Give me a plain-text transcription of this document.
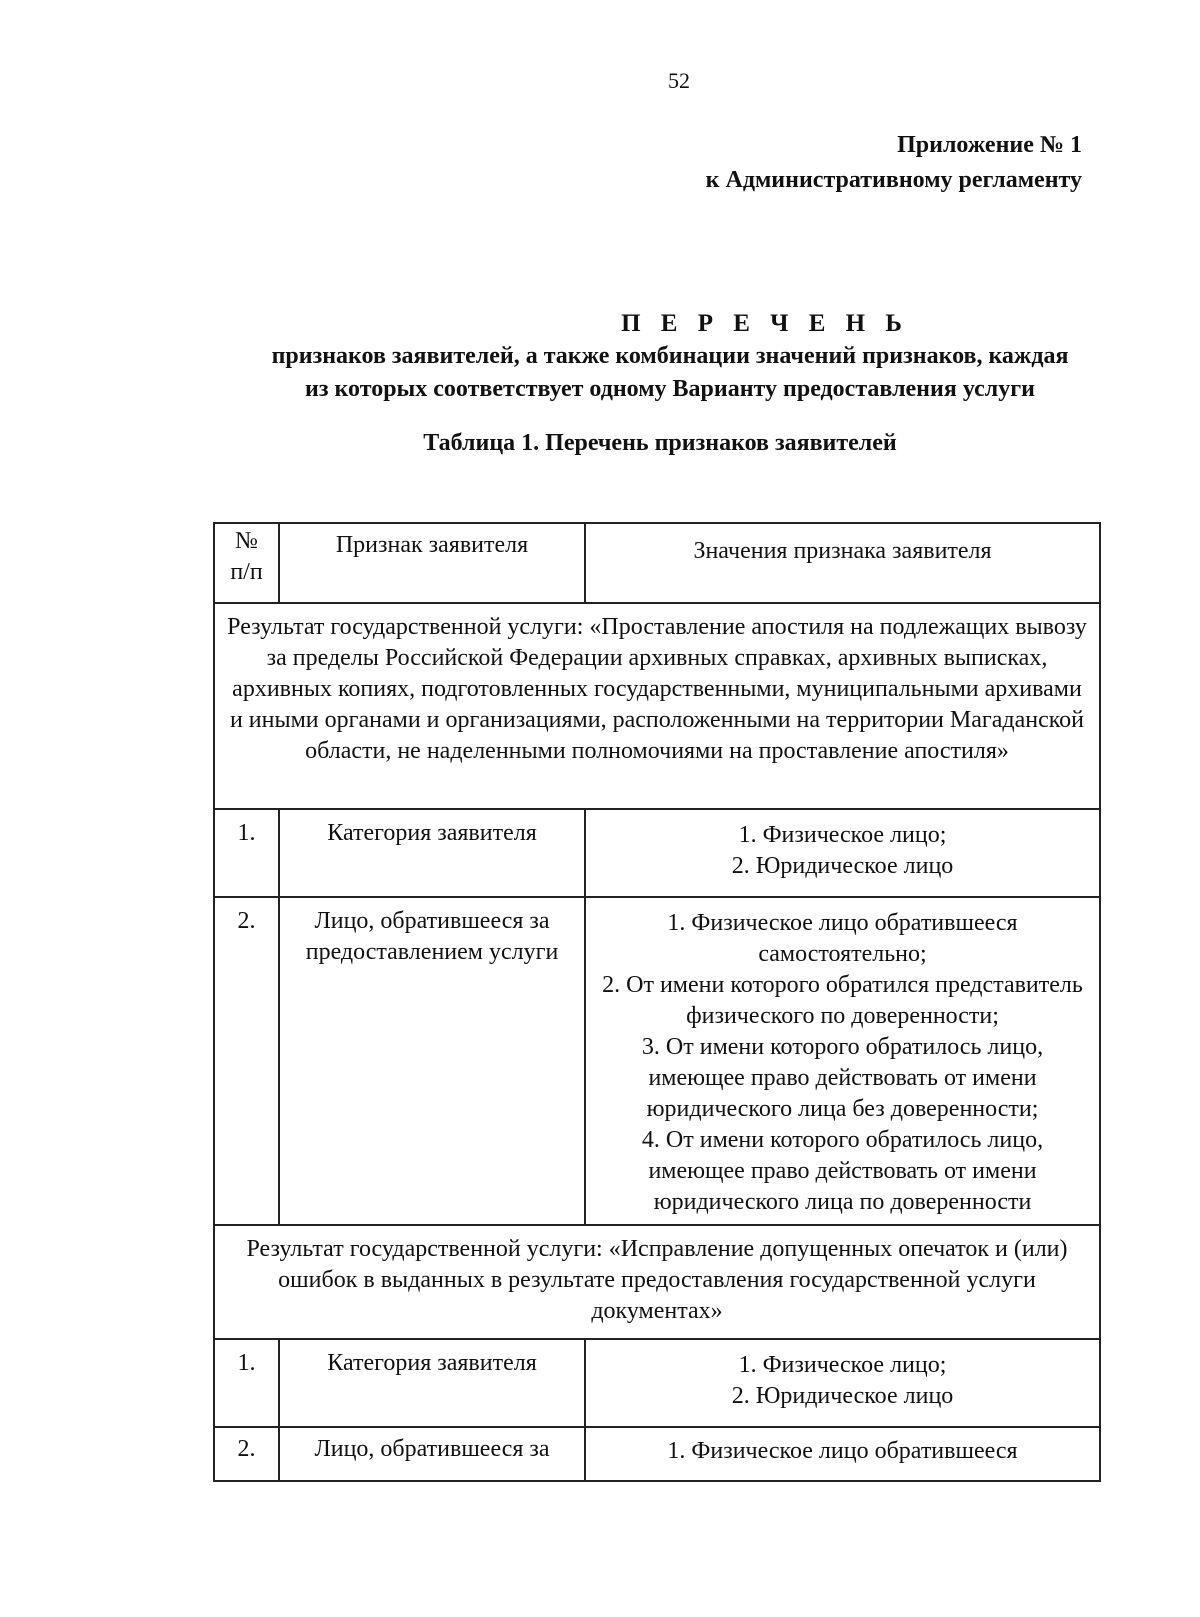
52
Приложение № 1
к Административному регламенту
П Е Р Е Ч Е Н Ь
признаков заявителей, а также комбинации значений признаков, каждая
из которых соответствует одному Варианту предоставления услуги
Таблица 1. Перечень признаков заявителей
№ п/п	Признак заявителя	Значения признака заявителя
Результат государственной услуги: «Проставление апостиля на подлежащих вывозу за пределы Российской Федерации архивных справках, архивных выписках, архивных копиях, подготовленных государственными, муниципальными архивами и иными органами и организациями, расположенными на территории Магаданской области, не наделенными полномочиями на проставление апостиля»		
1.	Категория заявителя	1. Физическое лицо;
2. Юридическое лицо

2.	Лицо, обратившееся за предоставлением услуги	1. Физическое лицо обратившееся самостоятельно;
2. От имени которого обратился представитель физического по доверенности;
3. От имени которого обратилось лицо, имеющее право действовать от имени юридического лица без доверенности;
4. От имени которого обратилось лицо, имеющее право действовать от имени юридического лица по доверенности

Результат государственной услуги: «Исправление допущенных опечаток и (или) ошибок в выданных в результате предоставления государственной услуги документах»		
1.	Категория заявителя	1. Физическое лицо;
2. Юридическое лицо

2.	Лицо, обратившееся за	1. Физическое лицо обратившееся
